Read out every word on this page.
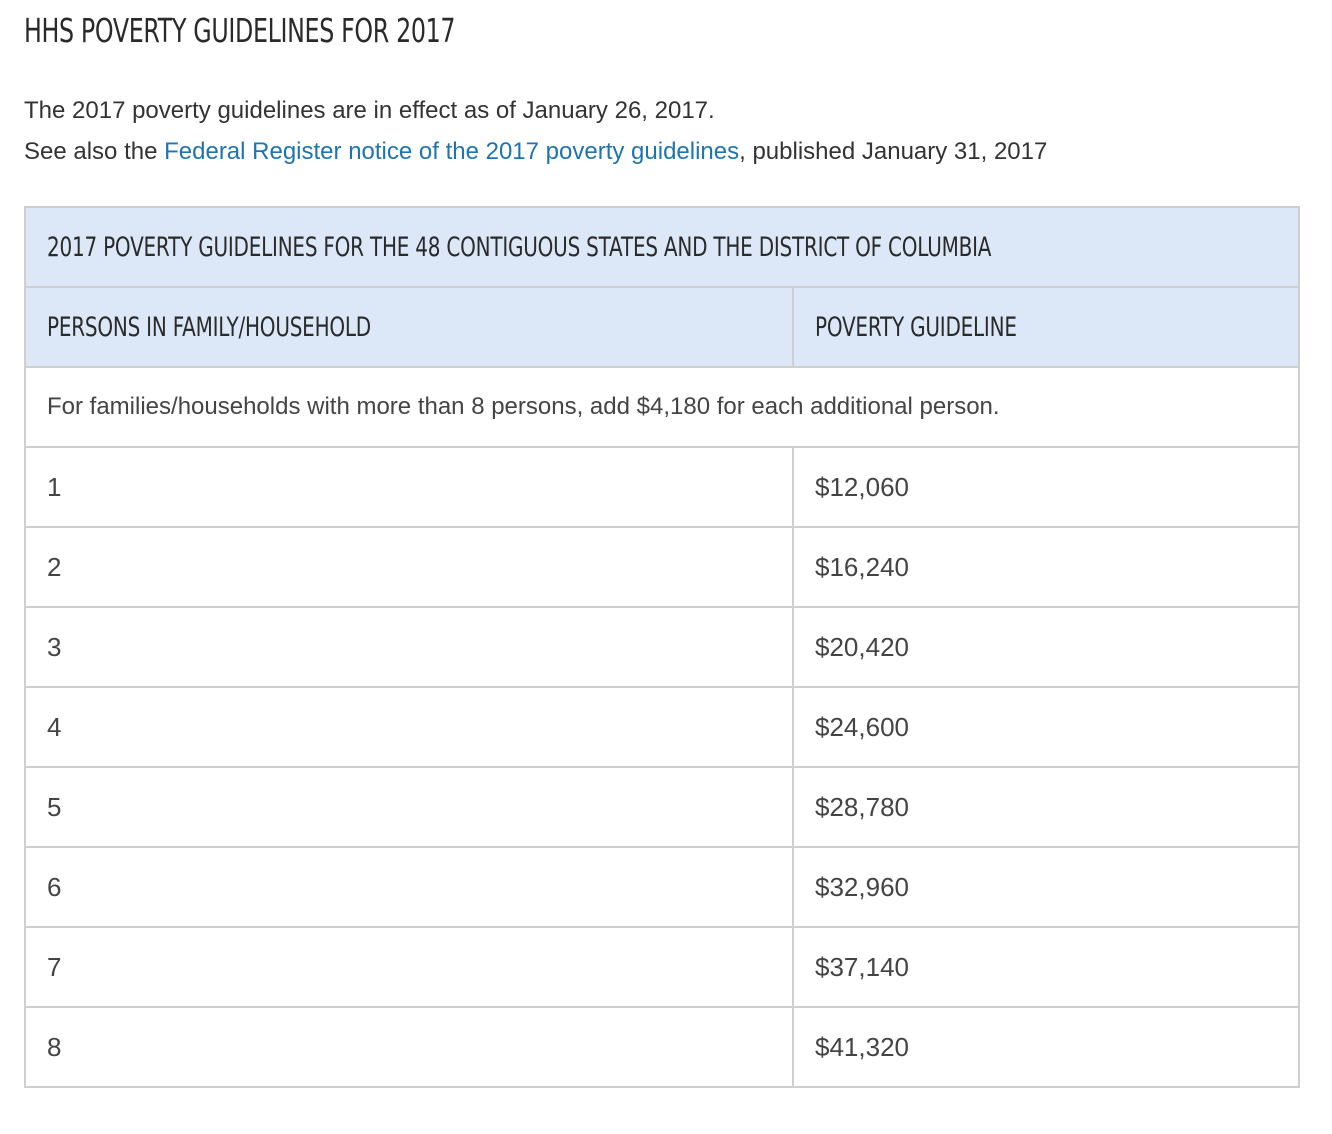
HHS POVERTY GUIDELINES FOR 2017

The 2017 poverty guidelines are in effect as of January 26, 2017.

See also the Federal Register notice of the 2017 poverty guidelines, published January 31, 2017

2017 POVERTY GUIDELINES FOR THE 48 CONTIGUOUS STATES AND THE DISTRICT OF COLUMBIA	
PERSONS IN FAMILY/HOUSEHOLD	POVERTY GUIDELINE
For families/households with more than 8 persons, add $4,180 for each additional person.	
1	$12,060
2	$16,240
3	$20,420
4	$24,600
5	$28,780
6	$32,960
7	$37,140
8	$41,320
